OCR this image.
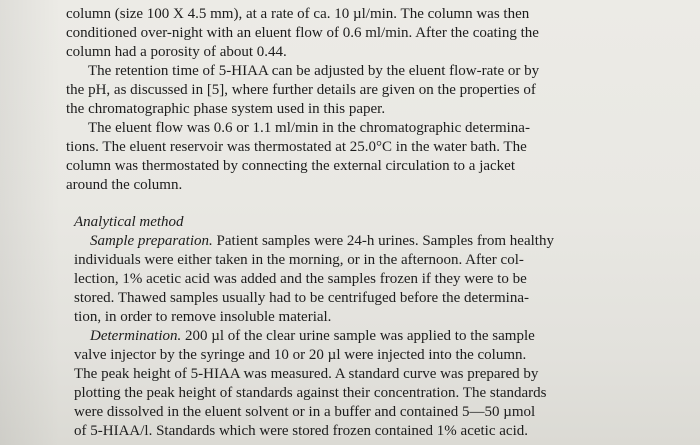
column (size 100 X 4.5 mm), at a rate of ca. 10 µl/min. The column was then
conditioned over-night with an eluent flow of 0.6 ml/min. After the coating the
column had a porosity of about 0.44.
The retention time of 5-HIAA can be adjusted by the eluent flow-rate or by
the pH, as discussed in [5], where further details are given on the properties of
the chromatographic phase system used in this paper.
The eluent flow was 0.6 or 1.1 ml/min in the chromatographic determina-
tions. The eluent reservoir was thermostated at 25.0°C in the water bath. The
column was thermostated by connecting the external circulation to a jacket
around the column.
Analytical method
Sample preparation. Patient samples were 24-h urines. Samples from healthy
individuals were either taken in the morning, or in the afternoon. After col-
lection, 1% acetic acid was added and the samples frozen if they were to be
stored. Thawed samples usually had to be centrifuged before the determina-
tion, in order to remove insoluble material.
Determination. 200 µl of the clear urine sample was applied to the sample
valve injector by the syringe and 10 or 20 µl were injected into the column.
The peak height of 5-HIAA was measured. A standard curve was prepared by
plotting the peak height of standards against their concentration. The standards
were dissolved in the eluent solvent or in a buffer and contained 5—50 µmol
of 5-HIAA/l. Standards which were stored frozen contained 1% acetic acid.
